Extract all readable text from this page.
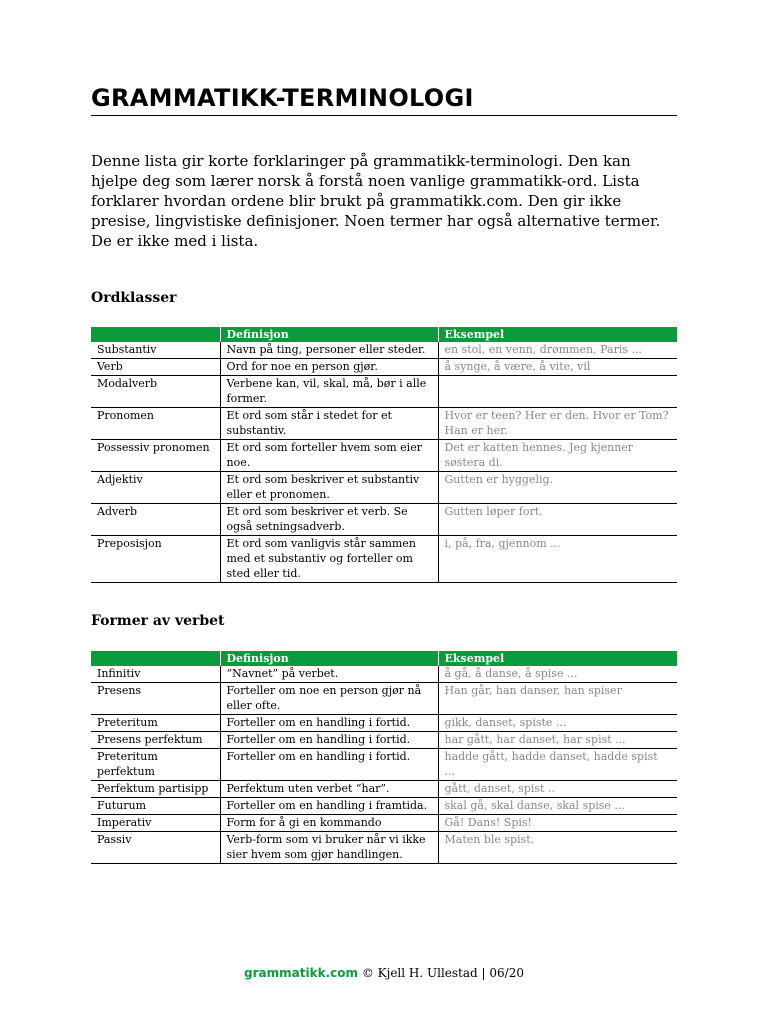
GRAMMATIKK-TERMINOLOGI
Denne lista gir korte forklaringer på grammatikk-terminologi. Den kan hjelpe deg som lærer norsk å forstå noen vanlige grammatikk-ord. Lista forklarer hvordan ordene blir brukt på grammatikk.com. Den gir ikke presise, lingvistiske definisjoner. Noen termer har også alternative termer. De er ikke med i lista.
Ordklasser
	Definisjon	Eksempel
Substantiv	Navn på ting, personer eller steder.	en stol, en venn, drømmen, Paris ...
Verb	Ord for noe en person gjør.	å synge, å være, å vite, vil
Modalverb	Verbene kan, vil, skal, må, bør i alle former.	
Pronomen	Et ord som står i stedet for et substantiv.	Hvor er teen? Her er den. Hvor er Tom? Han er her.
Possessiv pronomen	Et ord som forteller hvem som eier noe.	Det er katten hennes. Jeg kjenner søstera di.
Adjektiv	Et ord som beskriver et substantiv eller et pronomen.	Gutten er hyggelig.
Adverb	Et ord som beskriver et verb. Se også setningsadverb.	Gutten løper fort.
Preposisjon	Et ord som vanligvis står sammen med et substantiv og forteller om sted eller tid.	i, på, fra, gjennom ...
Former av verbet
	Definisjon	Eksempel
Infinitiv	“Navnet” på verbet.	å gå, å danse, å spise ...
Presens	Forteller om noe en person gjør nå eller ofte.	Han går, han danser, han spiser
Preteritum	Forteller om en handling i fortid.	gikk, danset, spiste ...
Presens perfektum	Forteller om en handling i fortid.	har gått, har danset, har spist ...
Preteritum perfektum	Forteller om en handling i fortid.	hadde gått, hadde danset, hadde spist ...
Perfektum partisipp	Perfektum uten verbet “har”.	gått, danset, spist ..
Futurum	Forteller om en handling i framtida.	skal gå, skal danse, skal spise ...
Imperativ	Form for å gi en kommando	Gå! Dans! Spis!
Passiv	Verb-form som vi bruker når vi ikke sier hvem som gjør handlingen.	Maten ble spist.
grammatikk.com © Kjell H. Ullestad | 06/20
